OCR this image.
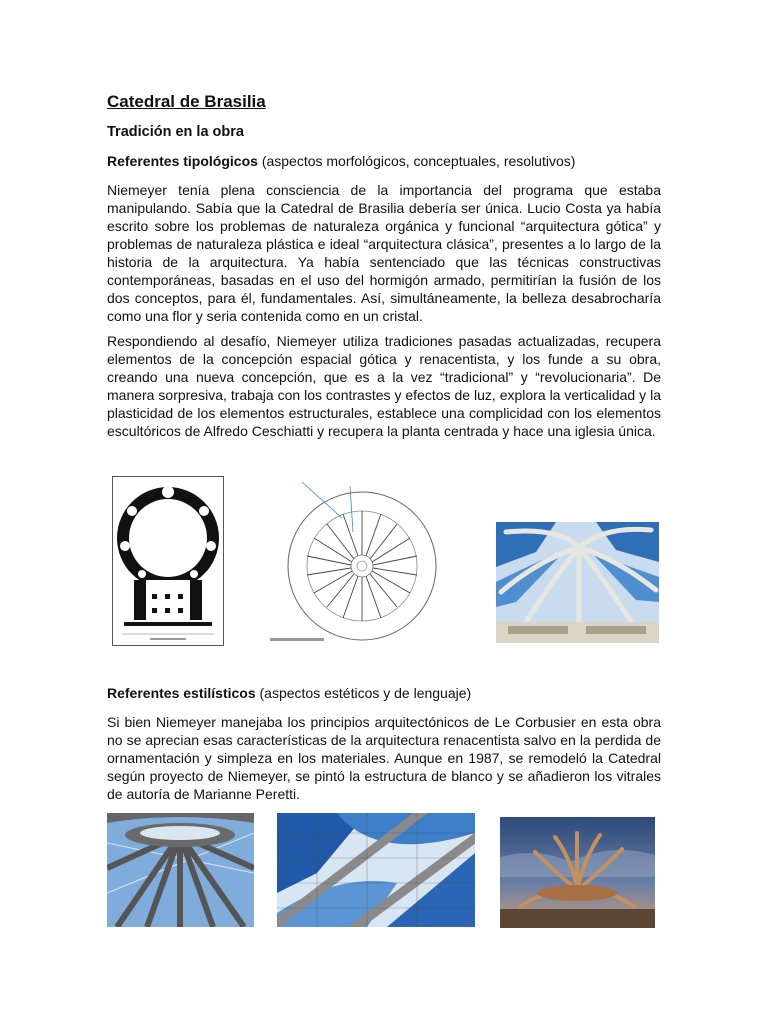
Catedral de Brasilia
Tradición en la obra

Referentes tipológicos (aspectos morfológicos, conceptuales, resolutivos)

Niemeyer tenía plena consciencia de la importancia del programa que estaba manipulando. Sabía que la Catedral de Brasilia debería ser única. Lucio Costa ya había escrito sobre los problemas de naturaleza orgánica y funcional “arquitectura gótica” y problemas de naturaleza plástica e ideal “arquitectura clásica”, presentes a lo largo de la historia de la arquitectura. Ya había sentenciado que las técnicas constructivas contemporáneas, basadas en el uso del hormigón armado, permitirían la fusión de los dos conceptos, para él, fundamentales. Así, simultáneamente, la belleza desabrocharía como una flor y seria contenida como en un cristal.

Respondiendo al desafío, Niemeyer utiliza tradiciones pasadas actualizadas, recupera elementos de la concepción espacial gótica y renacentista, y los funde a su obra, creando una nueva concepción, que es a la vez “tradicional” y “revolucionaria”. De manera sorpresiva, trabaja con los contrastes y efectos de luz, explora la verticalidad y la plasticidad de los elementos estructurales, establece una complicidad con los elementos escultóricos de Alfredo Ceschiatti y recupera la planta centrada y hace una iglesia única.

Referentes estilísticos (aspectos estéticos y de lenguaje)

Si bien Niemeyer manejaba los principios arquitectónicos de Le Corbusier en esta obra no se aprecian esas características de la arquitectura renacentista salvo en la perdida de ornamentación y simpleza en los materiales. Aunque en 1987, se remodeló la Catedral según proyecto de Niemeyer, se pintó la estructura de blanco y se añadieron los vitrales de autoría de Marianne Peretti.
